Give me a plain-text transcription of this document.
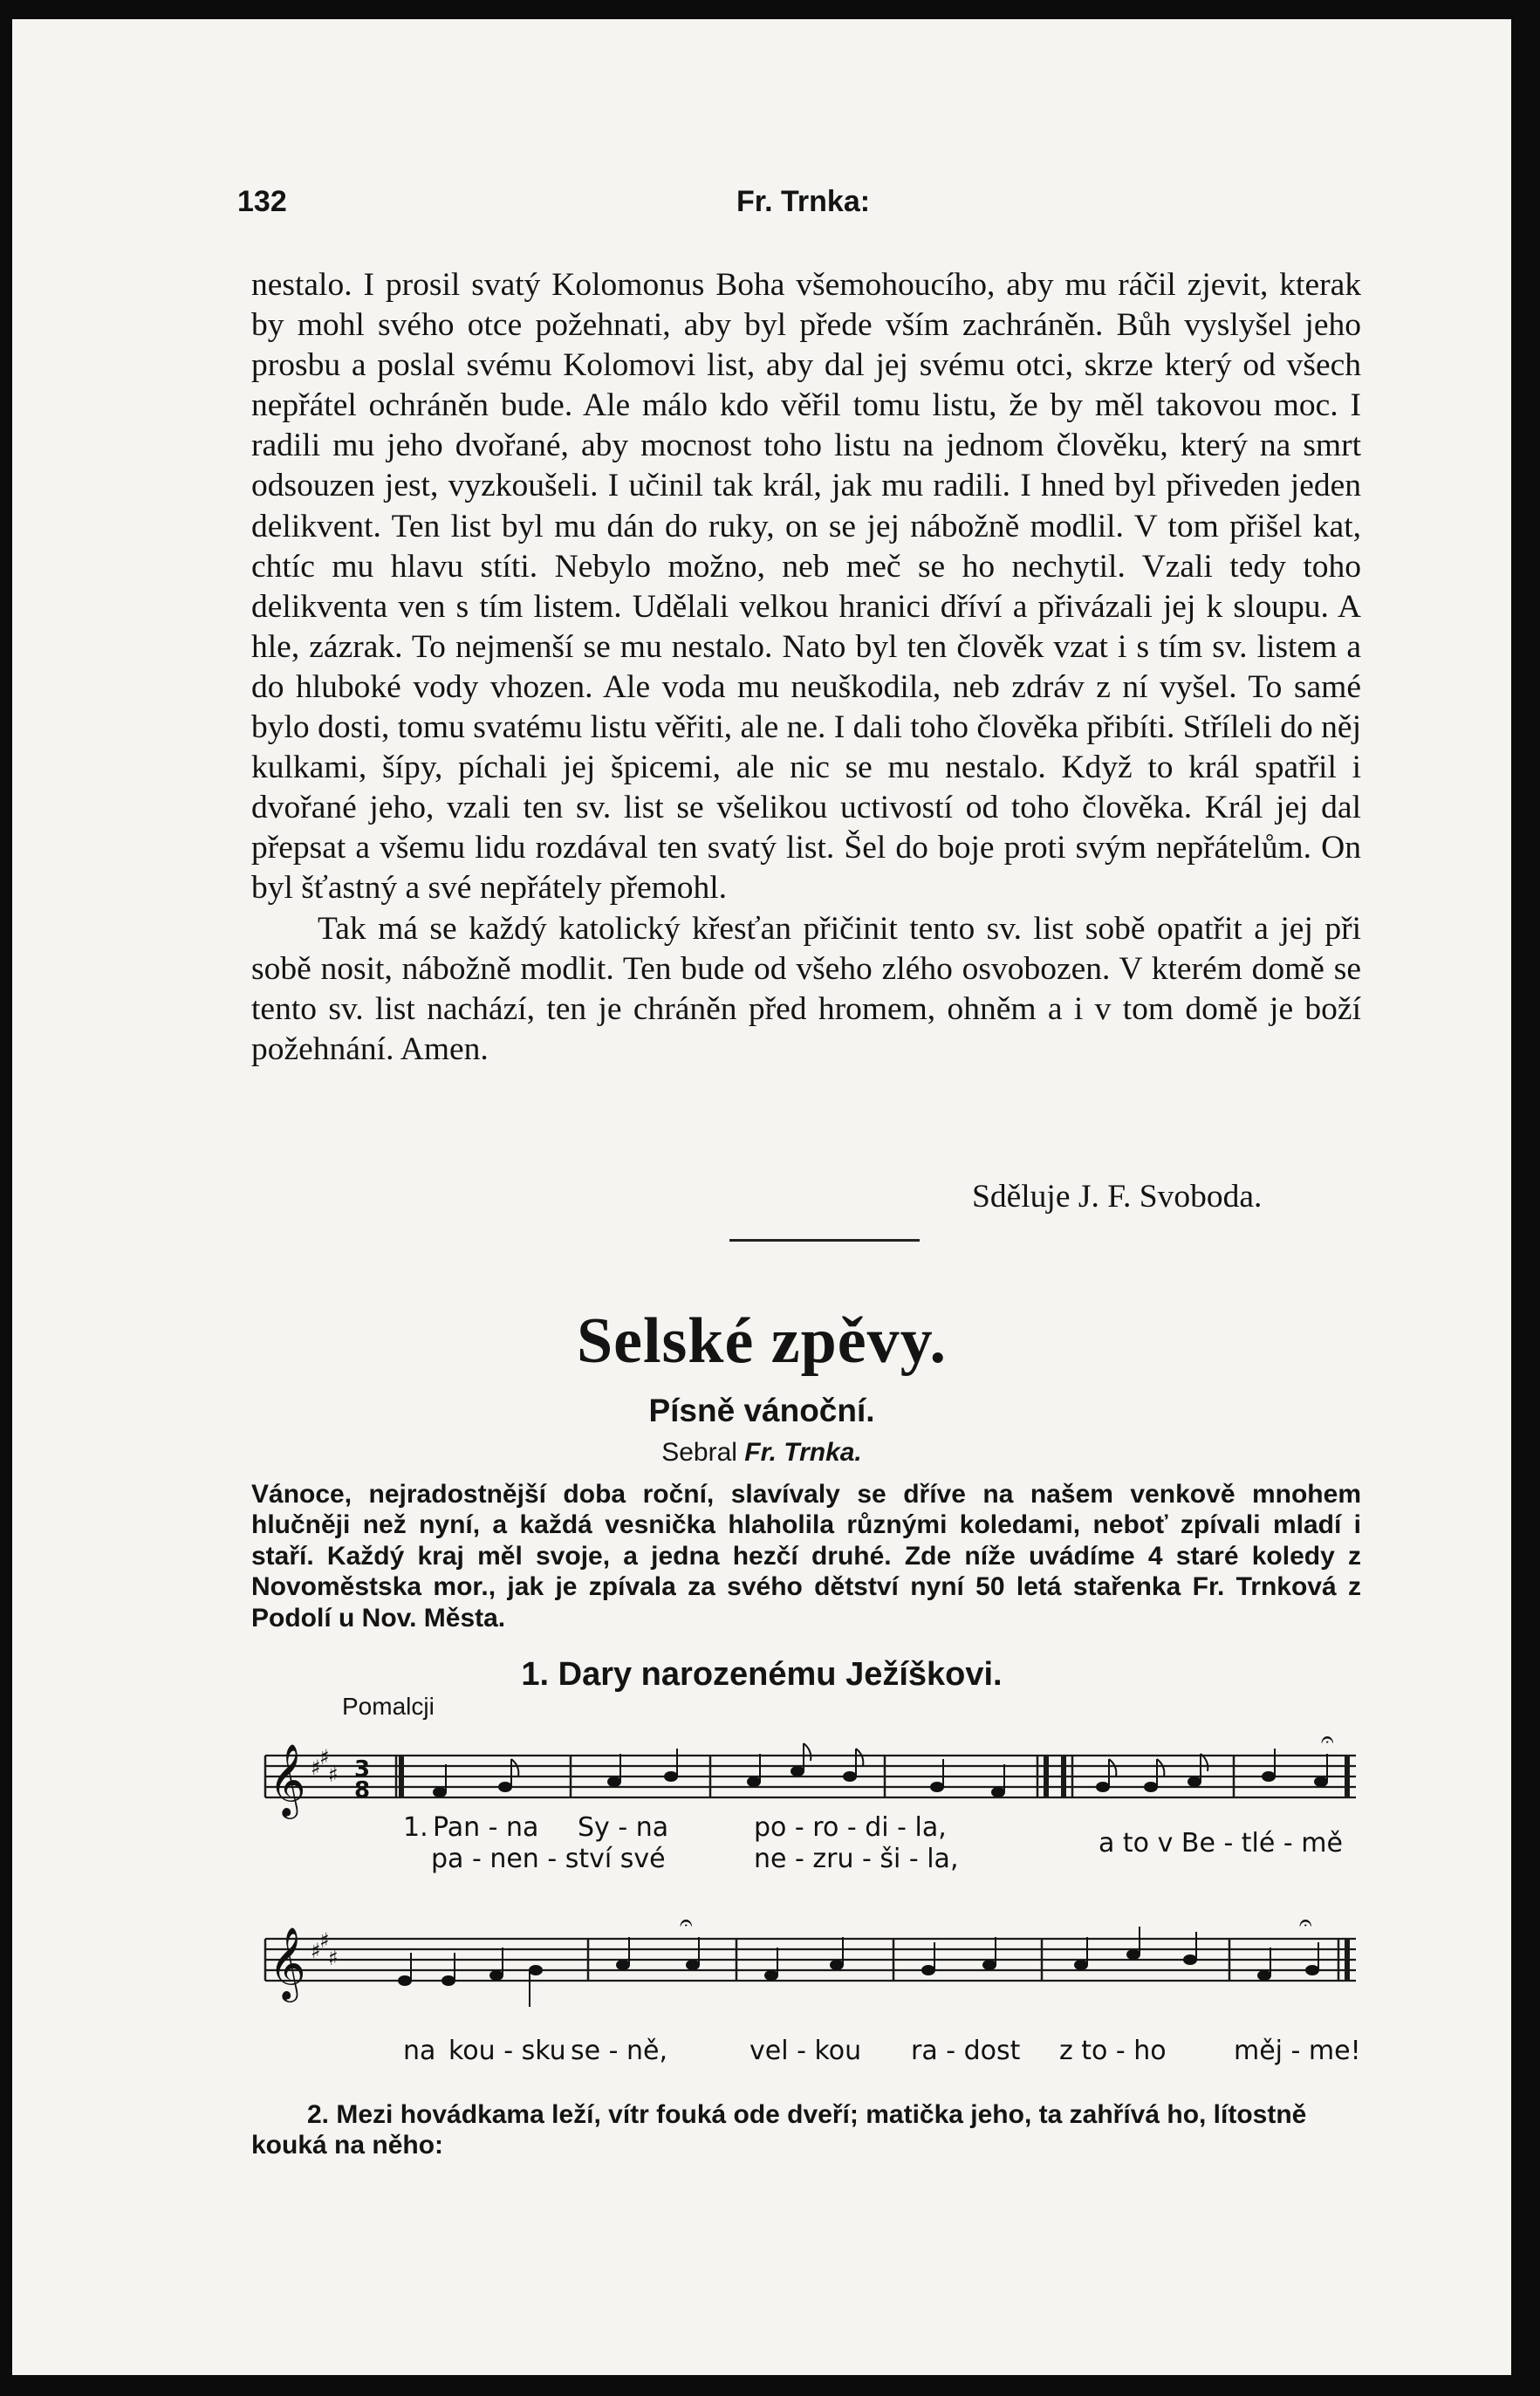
132	Fr. Trnka:

nestalo. I prosil svatý Kolomonus Boha všemohoucího, aby mu ráčil zjevit, kterak by mohl svého otce požehnati, aby byl přede vším zachráněn. Bůh vyslyšel jeho prosbu a poslal svému Kolomovi list, aby dal jej svému otci, skrze který od všech nepřátel ochráněn bude. Ale málo kdo věřil tomu listu, že by měl takovou moc. I radili mu jeho dvořané, aby mocnost toho listu na jednom člověku, který na smrt odsouzen jest, vyzkoušeli. I učinil tak král, jak mu radili. I hned byl přiveden jeden delikvent. Ten list byl mu dán do ruky, on se jej nábožně modlil. V tom přišel kat, chtíc mu hlavu stíti. Nebylo možno, neb meč se ho nechytil. Vzali tedy toho delikventa ven s tím listem. Udělali velkou hranici dříví a přivázali jej k sloupu. A hle, zázrak. To nejmenší se mu nestalo. Nato byl ten člověk vzat i s tím sv. listem a do hluboké vody vhozen. Ale voda mu neuškodila, neb zdráv z ní vyšel. To samé bylo dosti, tomu svatému listu věřiti, ale ne. I dali toho člověka přibíti. Stříleli do něj kulkami, šípy, píchali jej špicemi, ale nic se mu nestalo. Když to král spatřil i dvořané jeho, vzali ten sv. list se všelikou uctivostí od toho člověka. Král jej dal přepsat a všemu lidu rozdával ten svatý list. Šel do boje proti svým nepřátelům. On byl šťastný a své nepřátely přemohl.

Tak má se každý katolický křesťan přičinit tento sv. list sobě opatřit a jej při sobě nosit, nábožně modlit. Ten bude od všeho zlého osvobozen. V kterém domě se tento sv. list nachází, ten je chráněn před hromem, ohněm a i v tom domě je boží požehnání. Amen.

Sděluje J. F. Svoboda.
Selské zpěvy.
Písně vánoční.
Sebral Fr. Trnka.
Vánoce, nejradostnější doba roční, slavívaly se dříve na našem venkově mnohem hlučněji než nyní, a každá vesnička hlaholila různými koledami, neboť zpívali mladí i staří. Každý kraj měl svoje, a jedna hezčí druhé. Zde níže uvádíme 4 staré koledy z Novoměstska mor., jak je zpívala za svého dětství nyní 50 letá stařenka Fr. Trnková z Podolí u Nov. Města.
1. Dary narozenému Ježíškovi.
Pomalcji
𝄞 ♯
♯
♯ 3
8
𝄐
1. Pan - na Sy - na	po - ro - di - la,
pa - nen - ství své	ne - zru - ši - la,
a to v Be - tlé - mě
𝄞 ♯
♯
♯
𝄐	𝄐
na kou - sku se - ně,	vel - kou ra - dost z to - ho	měj - me!
2. Mezi hovádkama leží, vítr fouká ode dveří; matička jeho, ta zahřívá ho, lítostně kouká na něho:
